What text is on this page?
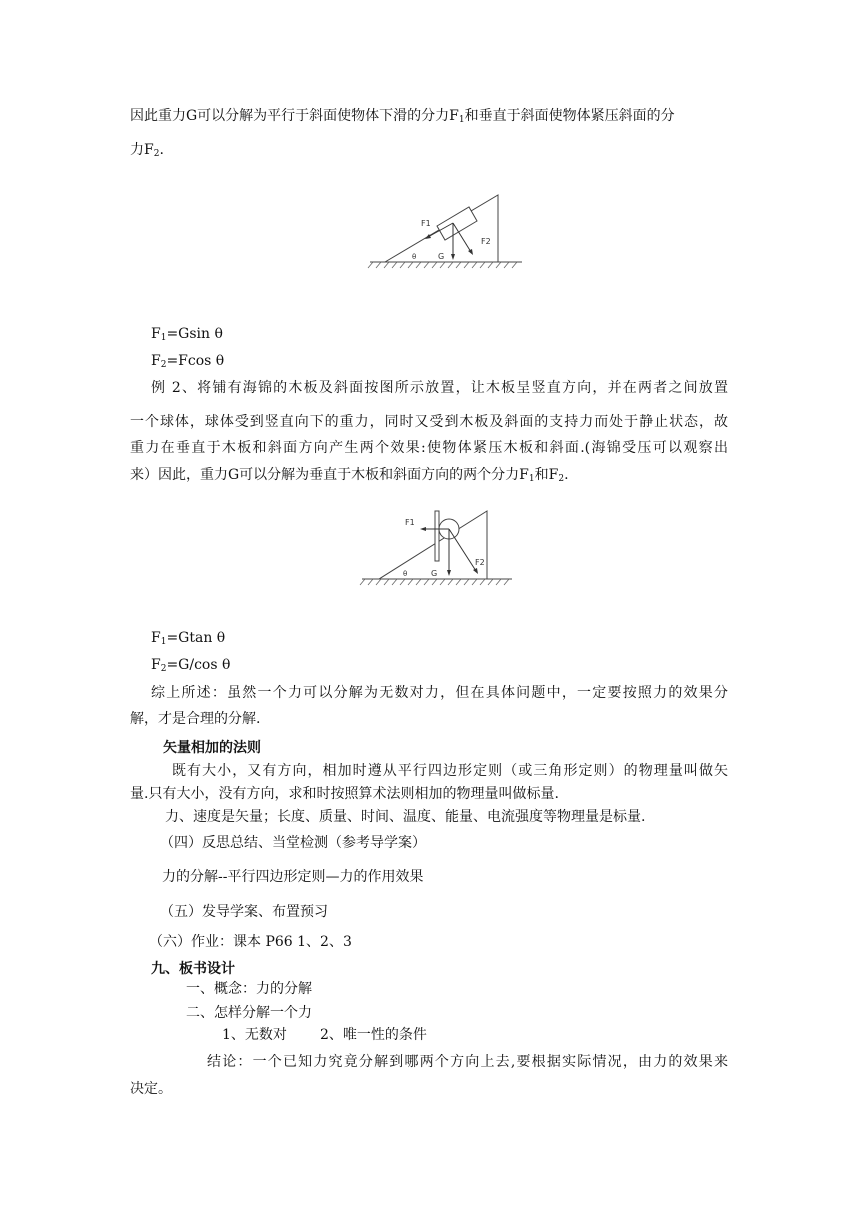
因此重力G可以分解为平行于斜面使物体下滑的分力$F_1$和垂直于斜面使物体紧压斜面的分
力$F_2$.
F1
F2
G
θ
$F_1=Gsin$ θ
$F_2=Fcos$ θ
例 2、将铺有海锦的木板及斜面按图所示放置，让木板呈竖直方向，并在两者之间放置
一个球体，球体受到竖直向下的重力，同时又受到木板及斜面的支持力而处于静止状态，故
重力在垂直于木板和斜面方向产生两个效果:使物体紧压木板和斜面.(海锦受压可以观察出
来）因此，重力G可以分解为垂直于木板和斜面方向的两个分力$F_1$和$F_2$.
F1
F2
G
θ
$F_1=Gtan$ θ
$F_2=G/\cos$ θ
综上所述：虽然一个力可以分解为无数对力，但在具体问题中，一定要按照力的效果分
解，才是合理的分解.
矢量相加的法则
既有大小，又有方向，相加时遵从平行四边形定则（或三角形定则）的物理量叫做矢
量.只有大小，没有方向，求和时按照算术法则相加的物理量叫做标量.
力、速度是矢量；长度、质量、时间、温度、能量、电流强度等物理量是标量.
（四）反思总结、当堂检测（参考导学案）
力的分解--平行四边形定则—力的作用效果
（五）发导学案、布置预习
（六）作业：课本 P66 1、2、3
九、板书设计
一、概念：力的分解
二、怎样分解一个力
1、无数对 2、唯一性的条件
结论：一个已知力究竟分解到哪两个方向上去,要根据实际情况，由力的效果来
决定。
